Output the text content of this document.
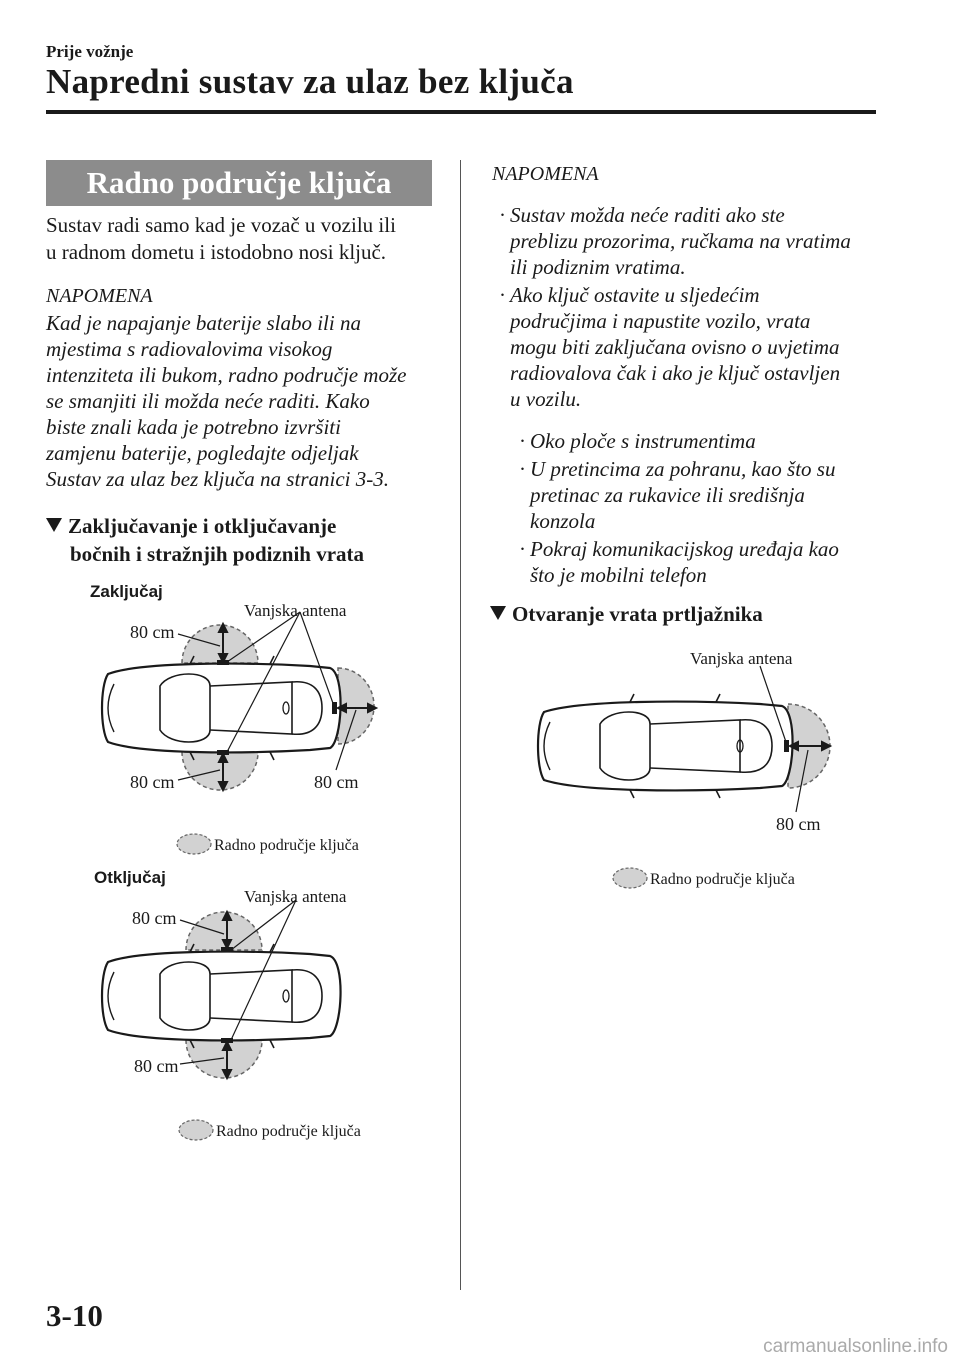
Prije vožnje
Napredni sustav za ulaz bez ključa
Radno područje ključa
Sustav radi samo kad je vozač u vozilu ili
u radnom dometu i istodobno nosi ključ.
NAPOMENA
Kad je napajanje baterije slabo ili na
mjestima s radiovalovima visokog
intenziteta ili bukom, radno područje može
se smanjiti ili možda neće raditi. Kako
biste znali kada je potrebno izvršiti
zamjenu baterije, pogledajte odjeljak
Sustav za ulaz bez ključa na stranici 3-3.
Zaključavanje i otključavanje
bočnih i stražnjih podiznih vrata
Zaključaj
Vanjska antena
80 cm
80 cm	80 cm
Radno područje ključa
Otključaj
Vanjska antena
80 cm
80 cm
Radno područje ključa
NAPOMENA
· Sustav možda neće raditi ako ste
preblizu prozorima, ručkama na vratima
ili podiznim vratima.
· Ako ključ ostavite u sljedećim
područjima i napustite vozilo, vrata
mogu biti zaključana ovisno o uvjetima
radiovalova čak i ako je ključ ostavljen
u vozilu.
· Oko ploče s instrumentima
· U pretincima za pohranu, kao što su
pretinac za rukavice ili središnja
konzola
· Pokraj komunikacijskog uređaja kao
što je mobilni telefon
Otvaranje vrata prtljažnika
Vanjska antena
80 cm
Radno područje ključa
3-10
carmanualsonline.info
